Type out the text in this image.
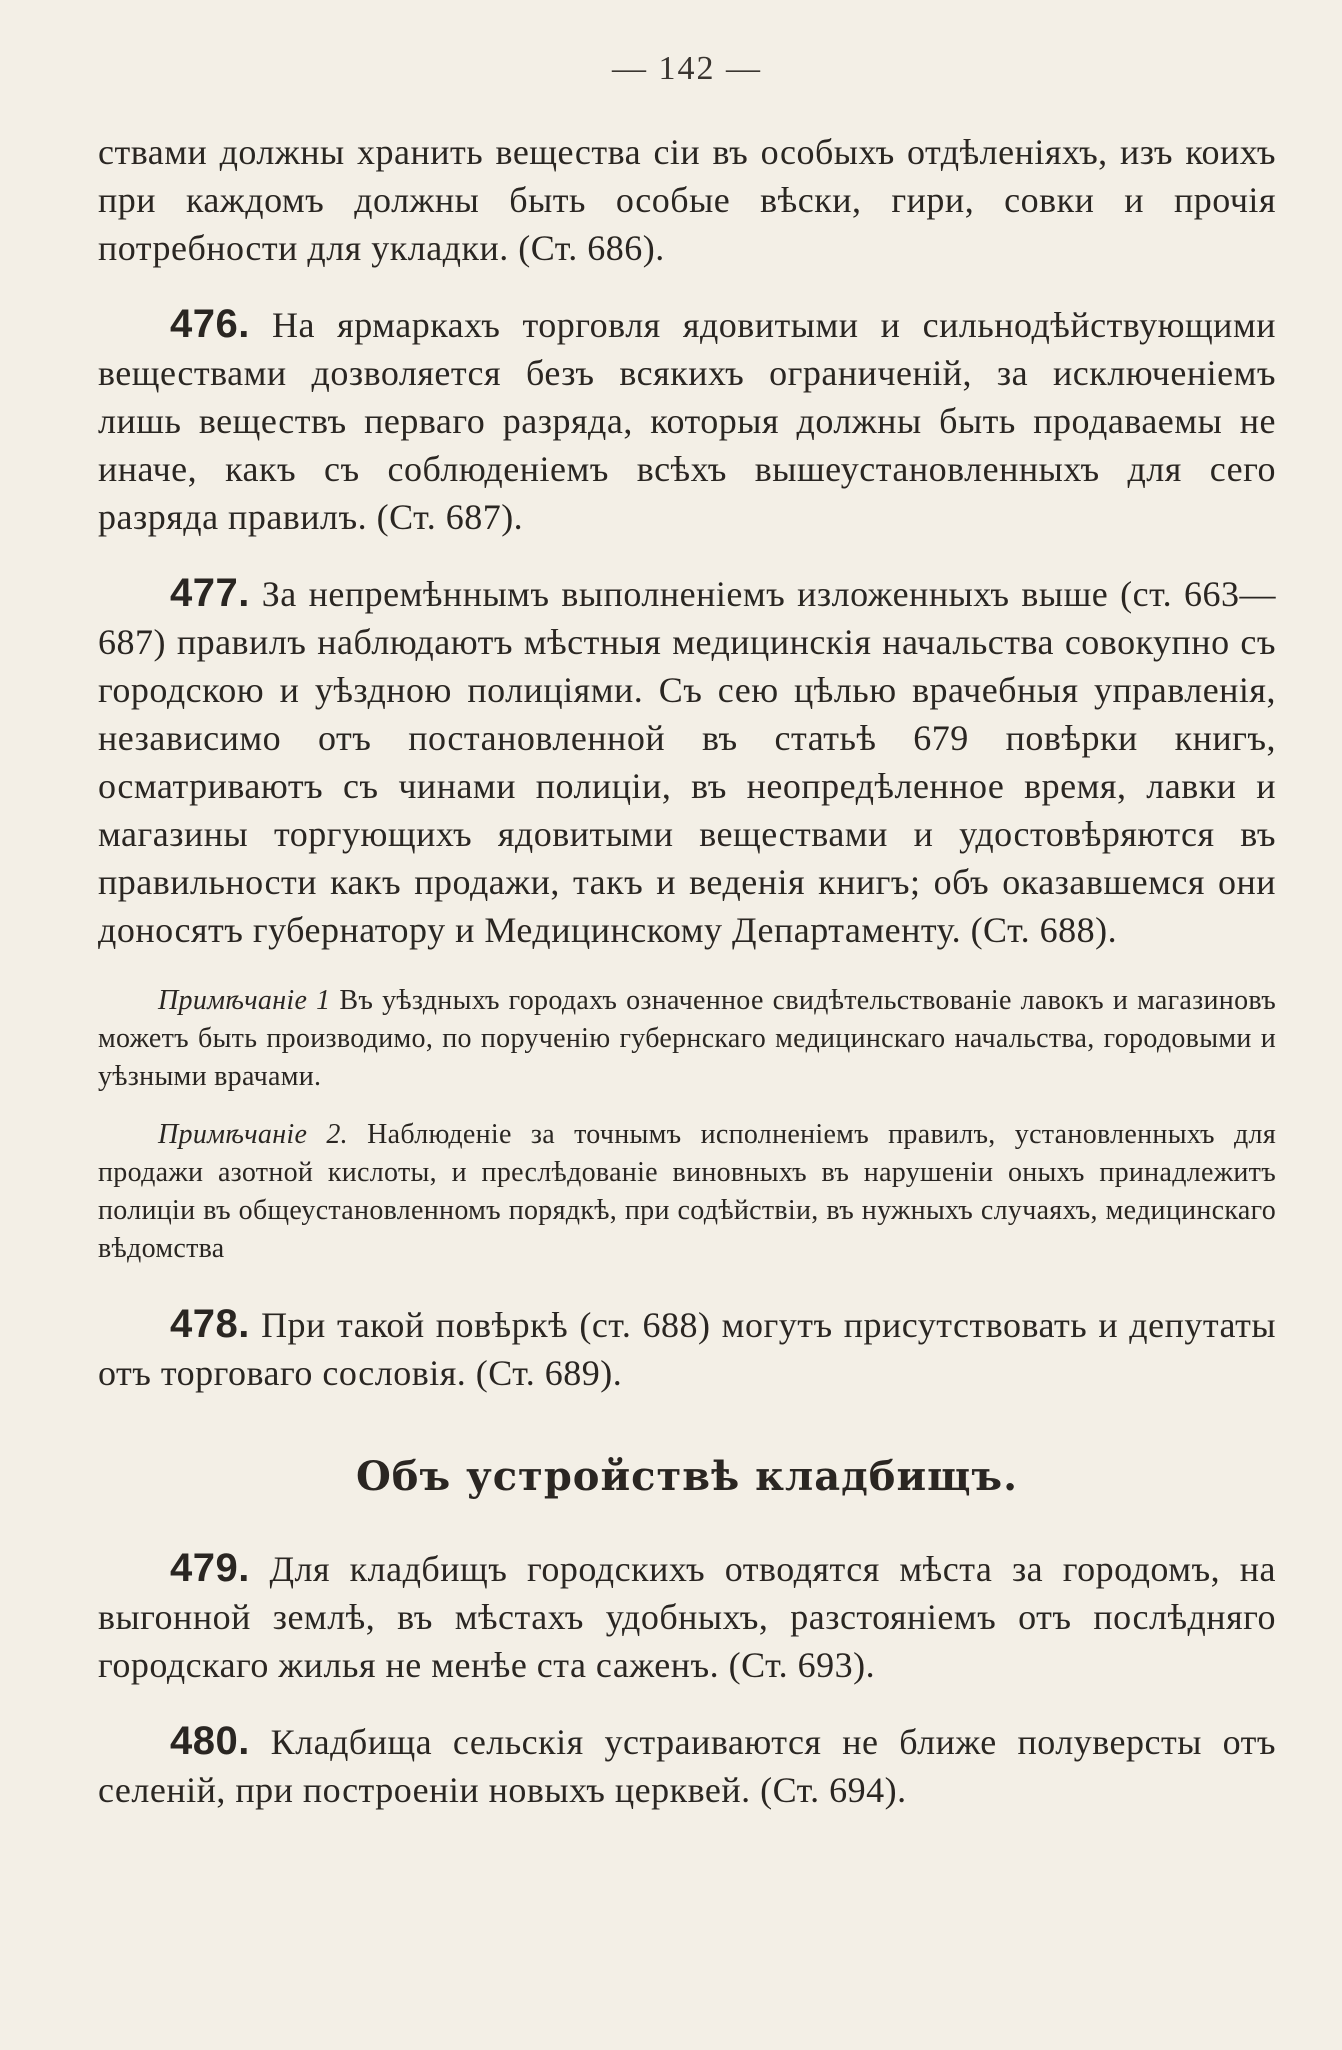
— 142 —

ствами должны хранить вещества сіи въ особыхъ отдѣленіяхъ, изъ коихъ при каждомъ должны быть особые вѣски, гири, совки и прочія потребности для укладки. (Ст. 686).

476. На ярмаркахъ торговля ядовитыми и сильнодѣйствующими веществами дозволяется безъ всякихъ ограниченій, за исключеніемъ лишь веществъ перваго разряда, которыя должны быть продаваемы не иначе, какъ съ соблюденіемъ всѣхъ вышеустановленныхъ для сего разряда правилъ. (Ст. 687).

477. За непремѣннымъ выполненіемъ изложенныхъ выше (ст. 663—687) правилъ наблюдаютъ мѣстныя медицинскія начальства совокупно съ городскою и уѣздною полиціями. Съ сею цѣлью врачебныя управленія, независимо отъ постановленной въ статьѣ 679 повѣрки книгъ, осматриваютъ съ чинами полиціи, въ неопредѣленное время, лавки и магазины торгующихъ ядовитыми веществами и удостовѣряются въ правильности какъ продажи, такъ и веденія книгъ; объ оказавшемся они доносятъ губернатору и Медицинскому Департаменту. (Ст. 688).

Примѣчаніе 1 Въ уѣздныхъ городахъ означенное свидѣтельствованіе лавокъ и магазиновъ можетъ быть производимо, по порученію губернскаго медицинскаго начальства, городовыми и уѣзными врачами.

Примѣчаніе 2. Наблюденіе за точнымъ исполненіемъ правилъ, установленныхъ для продажи азотной кислоты, и преслѣдованіе виновныхъ въ нарушеніи оныхъ принадлежитъ полиціи въ общеустановленномъ порядкѣ, при содѣйствіи, въ нужныхъ случаяхъ, медицинскаго вѣдомства

478. При такой повѣркѣ (ст. 688) могутъ присутствовать и депутаты отъ торговаго сословія. (Ст. 689).

Объ устройствѣ кладбищъ.

479. Для кладбищъ городскихъ отводятся мѣста за городомъ, на выгонной землѣ, въ мѣстахъ удобныхъ, разстояніемъ отъ послѣдняго городскаго жилья не менѣе ста саженъ. (Ст. 693).

480. Кладбища сельскія устраиваются не ближе полуверсты отъ селеній, при построеніи новыхъ церквей. (Ст. 694).
